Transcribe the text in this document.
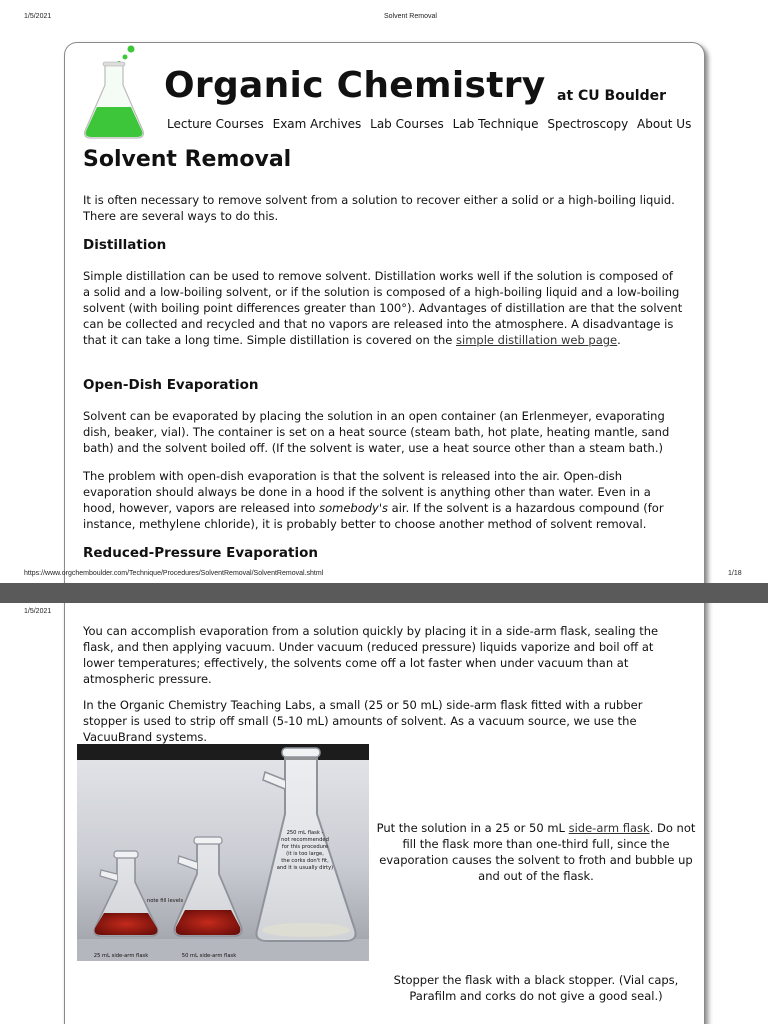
1/5/2021	Solvent Removal
Organic Chemistry at CU Boulder
Lecture Courses Exam Archives Lab Courses Lab Technique Spectroscopy About Us
Solvent Removal

It is often necessary to remove solvent from a solution to recover either a solid or a high-boiling liquid. There are several ways to do this.

Distillation

Simple distillation can be used to remove solvent. Distillation works well if the solution is composed of a solid and a low-boiling solvent, or if the solution is composed of a high-boiling liquid and a low-boiling solvent (with boiling point differences greater than 100°). Advantages of distillation are that the solvent can be collected and recycled and that no vapors are released into the atmosphere. A disadvantage is that it can take a long time. Simple distillation is covered on the simple distillation web page.

Open-Dish Evaporation

Solvent can be evaporated by placing the solution in an open container (an Erlenmeyer, evaporating dish, beaker, vial). The container is set on a heat source (steam bath, hot plate, heating mantle, sand bath) and the solvent boiled off. (If the solvent is water, use a heat source other than a steam bath.)

The problem with open-dish evaporation is that the solvent is released into the air. Open-dish evaporation should always be done in a hood if the solvent is anything other than water. Even in a hood, however, vapors are released into somebody's air. If the solvent is a hazardous compound (for instance, methylene chloride), it is probably better to choose another method of solvent removal.

Reduced-Pressure Evaporation
https://www.orgchemboulder.com/Technique/Procedures/SolventRemoval/SolventRemoval.shtml	1/18
1/5/2021

You can accomplish evaporation from a solution quickly by placing it in a side-arm flask, sealing the flask, and then applying vacuum. Under vacuum (reduced pressure) liquids vaporize and boil off at lower temperatures; effectively, the solvents come off a lot faster when under vacuum than at atmospheric pressure.

In the Organic Chemistry Teaching Labs, a small (25 or 50 mL) side-arm flask fitted with a rubber stopper is used to strip off small (5-10 mL) amounts of solvent. As a vacuum source, we use the VacuuBrand systems.

250 mL flask -
not recommended
for this procedure
(it is too large,
the corks don't fit,
and it is usually dirty)
note fill levels
25 mL side-arm flask	50 mL side-arm flask
Put the solution in a 25 or 50 mL side-arm flask. Do not fill the flask more than one-third full, since the evaporation causes the solvent to froth and bubble up and out of the flask.
Stopper the flask with a black stopper. (Vial caps, Parafilm and corks do not give a good seal.)
